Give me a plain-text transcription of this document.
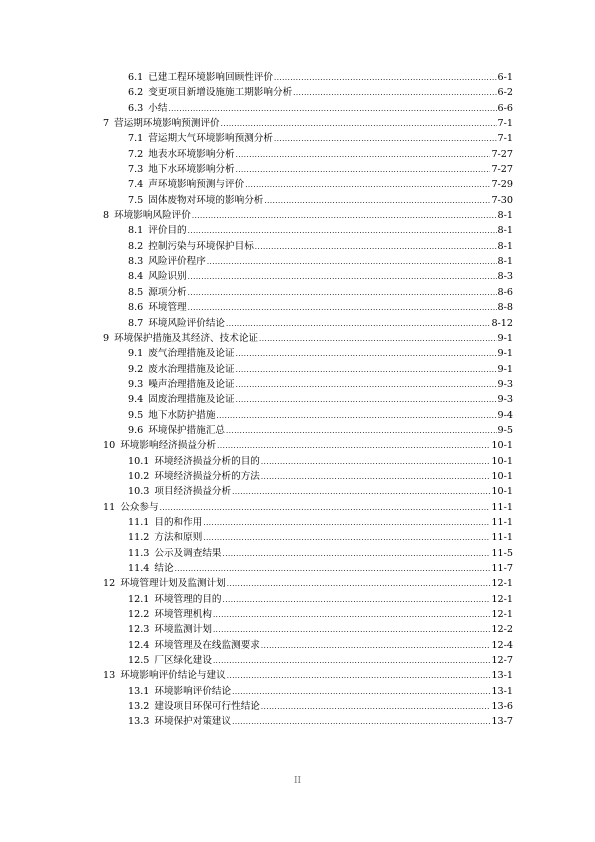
6.1 已建工程环境影响回顾性评价 .....	6-1
6.2 变更项目新增设施施工期影响分析 .....	6-2
6.3 小结 .....	6-6
7 营运期环境影响预测评价 .....	7-1
7.1 营运期大气环境影响预测分析 .....	7-1
7.2 地表水环境影响分析 .....	7-27
7.3 地下水环境影响分析 .....	7-27
7.4 声环境影响预测与评价 .....	7-29
7.5 固体废物对环境的影响分析 .....	7-30
8 环境影响风险评价 .....	8-1
8.1 评价目的 .....	8-1
8.2 控制污染与环境保护目标 .....	8-1
8.3 风险评价程序 .....	8-1
8.4 风险识别 .....	8-3
8.5 源项分析 .....	8-6
8.6 环境管理 .....	8-8
8.7 环境风险评价结论 .....	8-12
9 环境保护措施及其经济、技术论证 .....	9-1
9.1 废气治理措施及论证 .....	9-1
9.2 废水治理措施及论证 .....	9-1
9.3 噪声治理措施及论证 .....	9-3
9.4 固废治理措施及论证 .....	9-3
9.5 地下水防护措施 .....	9-4
9.6 环境保护措施汇总 .....	9-5
10 环境影响经济损益分析 .....	10-1
10.1 环境经济损益分析的目的 .....	10-1
10.2 环境经济损益分析的方法 .....	10-1
10.3 项目经济损益分析 .....	10-1
11 公众参与 .....	11-1
11.1 目的和作用 .....	11-1
11.2 方法和原则 .....	11-1
11.3 公示及调查结果 .....	11-5
11.4 结论 .....	11-7
12 环境管理计划及监测计划 .....	12-1
12.1 环境管理的目的 .....	12-1
12.2 环境管理机构 .....	12-1
12.3 环境监测计划 .....	12-2
12.4 环境管理及在线监测要求 .....	12-4
12.5 厂区绿化建设 .....	12-7
13 环境影响评价结论与建议 .....	13-1
13.1 环境影响评价结论 .....	13-1
13.2 建设项目环保可行性结论 .....	13-6
13.3 环境保护对策建议 .....	13-7
II
